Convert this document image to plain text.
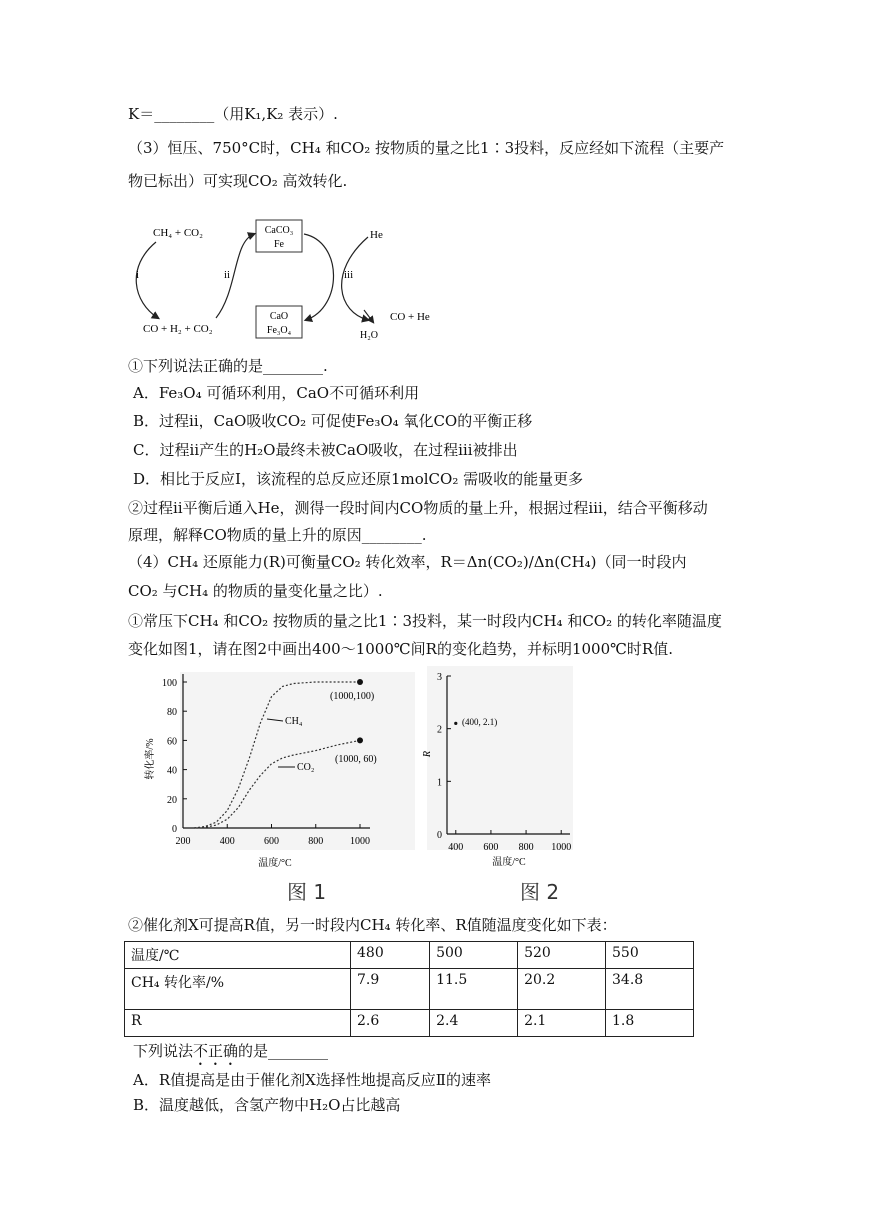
K＝________（用K₁,K₂ 表示）.
（3）恒压、750°C时，CH₄ 和CO₂ 按物质的量之比1∶3投料，反应经如下流程（主要产
物已标出）可实现CO₂ 高效转化.
CH₄ + CO₂
CO + H₂ + CO₂
CaCO₃
Fe
CaO
Fe₃O₄
i	ii	iii
He
CO + He
H₂O
①下列说法正确的是________.
A．Fe₃O₄ 可循环利用，CaO不可循环利用
B．过程ⅱ，CaO吸收CO₂ 可促使Fe₃O₄ 氧化CO的平衡正移
C．过程ⅱ产生的H₂O最终未被CaO吸收，在过程ⅲ被排出
D．相比于反应Ⅰ，该流程的总反应还原1molCO₂ 需吸收的能量更多
②过程ⅱ平衡后通入He，测得一段时间内CO物质的量上升，根据过程ⅲ，结合平衡移动
原理，解释CO物质的量上升的原因________.
（4）CH₄ 还原能力(R)可衡量CO₂ 转化效率，R＝Δn(CO₂)/Δn(CH₄)（同一时段内
CO₂ 与CH₄ 的物质的量变化量之比）.
①常压下CH₄ 和CO₂ 按物质的量之比1∶3投料，某一时段内CH₄ 和CO₂ 的转化率随温度
变化如图1，请在图2中画出400～1000℃间R的变化趋势，并标明1000℃时R值.
0
20
40
60
80
100
200	400	600	800	1000
(1000,100)
(1000, 60)
CH₄
CO₂
转化率/%
温度/°C
图 1
0
1
2
3
400 600 800 1000
(400, 2.1)
R
温度/°C
图 2
②催化剂X可提高R值，另一时段内CH₄ 转化率、R值随温度变化如下表：
温度/℃	480	500	520	550
CH₄ 转化率/%	7.9	11.5	20.2	34.8
R	2.6	2.4	2.1	1.8
下列说法不正确的是________
A．R值提高是由于催化剂X选择性地提高反应Ⅱ的速率
B．温度越低，含氢产物中H₂O占比越高
